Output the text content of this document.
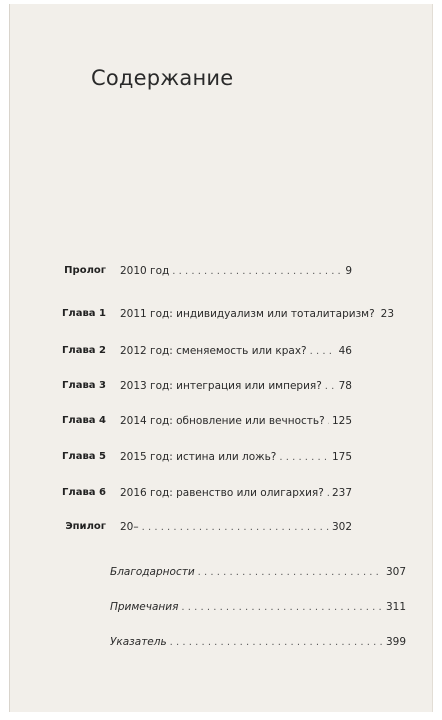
Содержание
Пролог 2010 год . . .	9
Глава 1 2011 год: индивидуализм или тоталитаризм? 23
Глава 2 2012 год: сменяемость или крах? . . .	46
Глава 3 2013 год: интеграция или империя? . . . 78
Глава 4 2014 год: обновление или вечность? . . . 125
Глава 5 2015 год: истина или ложь? . . .	175
Глава 6 2016 год: равенство или олигархия? . . . 237
Эпилог 20– . . .	302
Благодарности . . .	307
Примечания . . .	311
Указатель . . .	399
